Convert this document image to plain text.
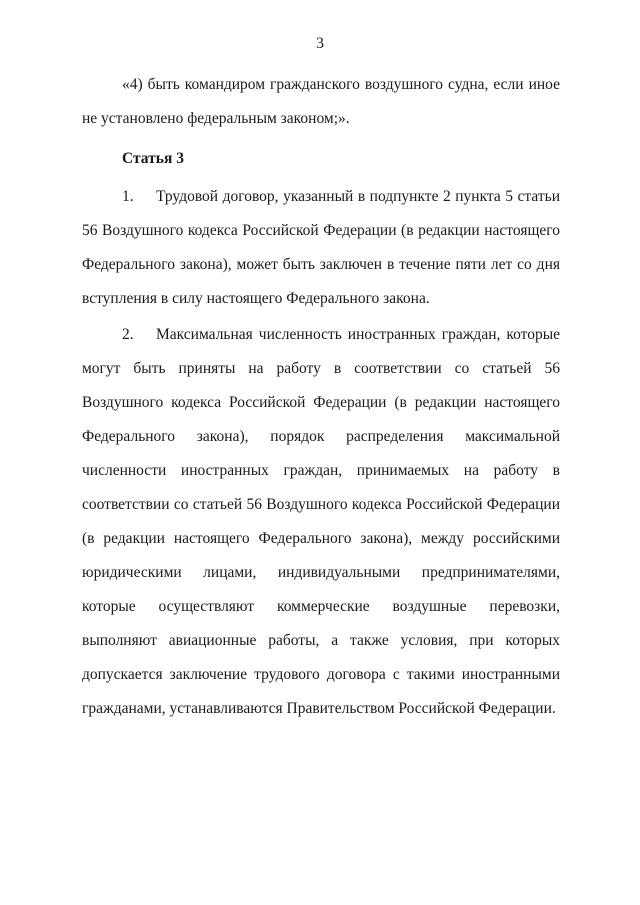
3

«4) быть командиром гражданского воздушного судна, если иное не установлено федеральным законом;».

Статья 3

1. Трудовой договор, указанный в подпункте 2 пункта 5 статьи 56 Воздушного кодекса Российской Федерации (в редакции настоящего Федерального закона), может быть заключен в течение пяти лет со дня вступления в силу настоящего Федерального закона.

2. Максимальная численность иностранных граждан, которые могут быть приняты на работу в соответствии со статьей 56 Воздушного кодекса Российской Федерации (в редакции настоящего Федерального закона), порядок распределения максимальной численности иностранных граждан, принимаемых на работу в соответствии со статьей 56 Воздушного кодекса Российской Федерации (в редакции настоящего Федерального закона), между российскими юридическими лицами, индивидуальными предпринимателями, которые осуществляют коммерческие воздушные перевозки, выполняют авиационные работы, а также условия, при которых допускается заключение трудового договора с такими иностранными гражданами, устанавливаются Правительством Российской Федерации.
